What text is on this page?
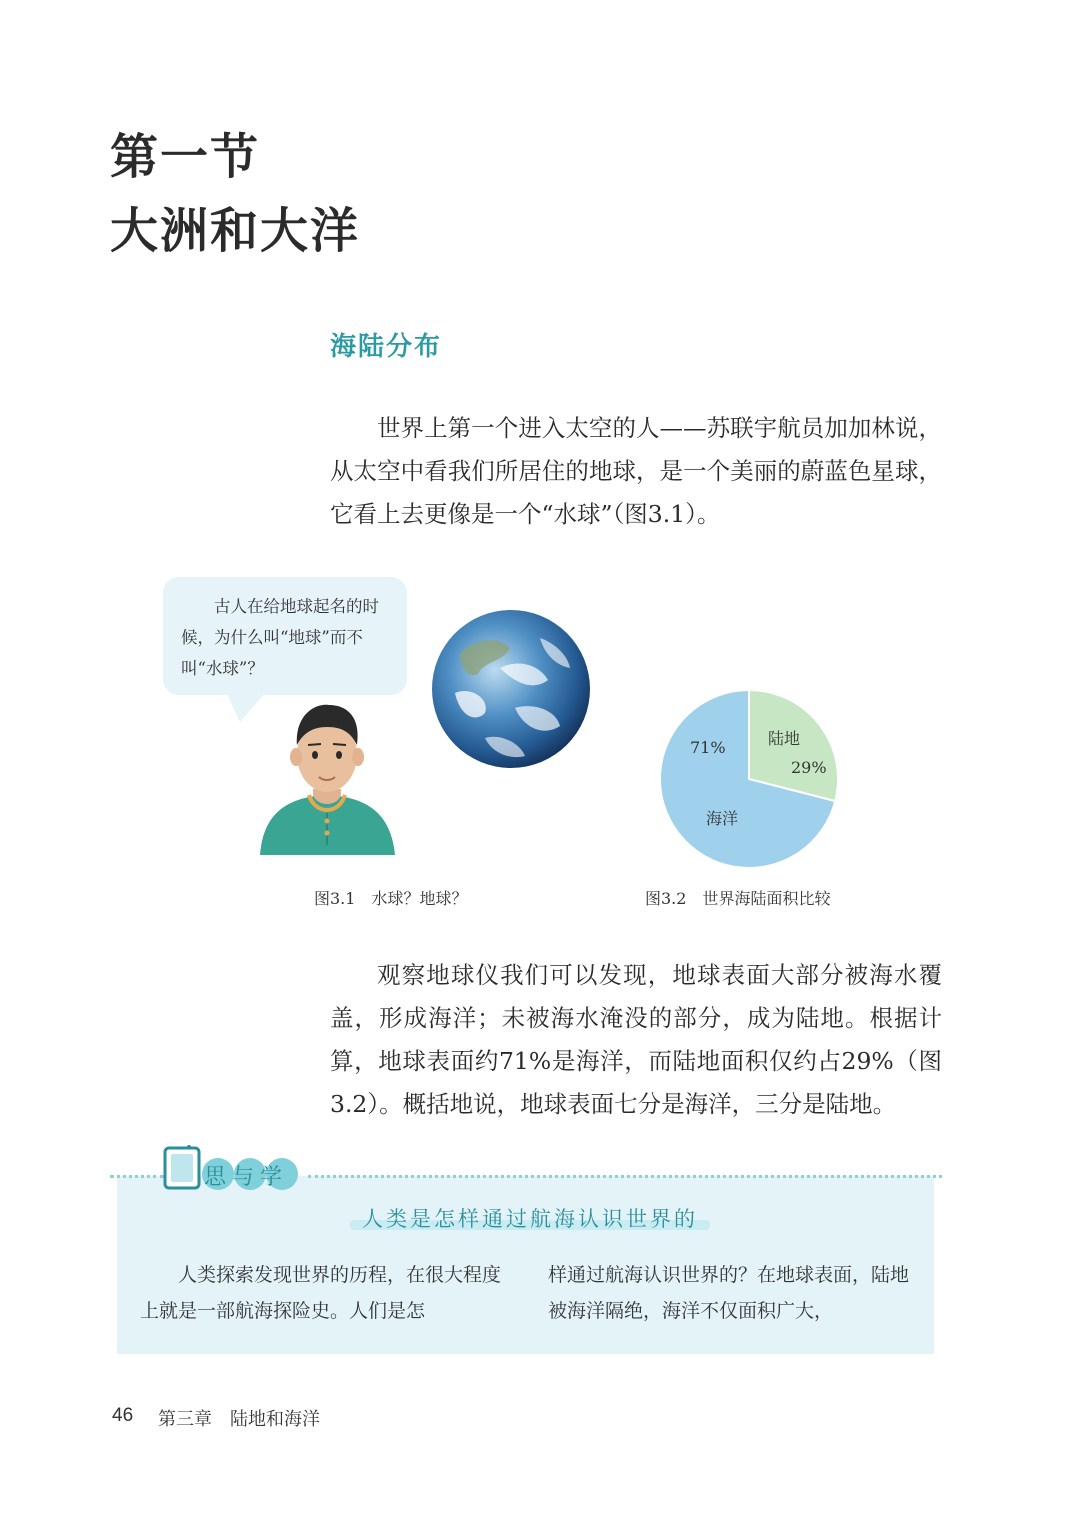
第一节
大洲和大洋
海陆分布

世界上第一个进入太空的人——苏联宇航员加加林说，从太空中看我们所居住的地球，是一个美丽的蔚蓝色星球，它看上去更像是一个“水球”（图3.1）。

古人在给地球起名的时候，为什么叫“地球”而不叫“水球”？
图3.1　水球？地球？
71%	陆地
29%
海洋
图3.2　世界海陆面积比较

观察地球仪我们可以发现，地球表面大部分被海水覆盖，形成海洋；未被海水淹没的部分，成为陆地。根据计算，地球表面约71%是海洋，而陆地面积仅约占29%（图3.2）。概括地说，地球表面七分是海洋，三分是陆地。

思与学
人类是怎样通过航海认识世界的

人类探索发现世界的历程，在很大程度上就是一部航海探险史。人们是怎

样通过航海认识世界的？在地球表面，陆地被海洋隔绝，海洋不仅面积广大，

46 第三章　陆地和海洋
